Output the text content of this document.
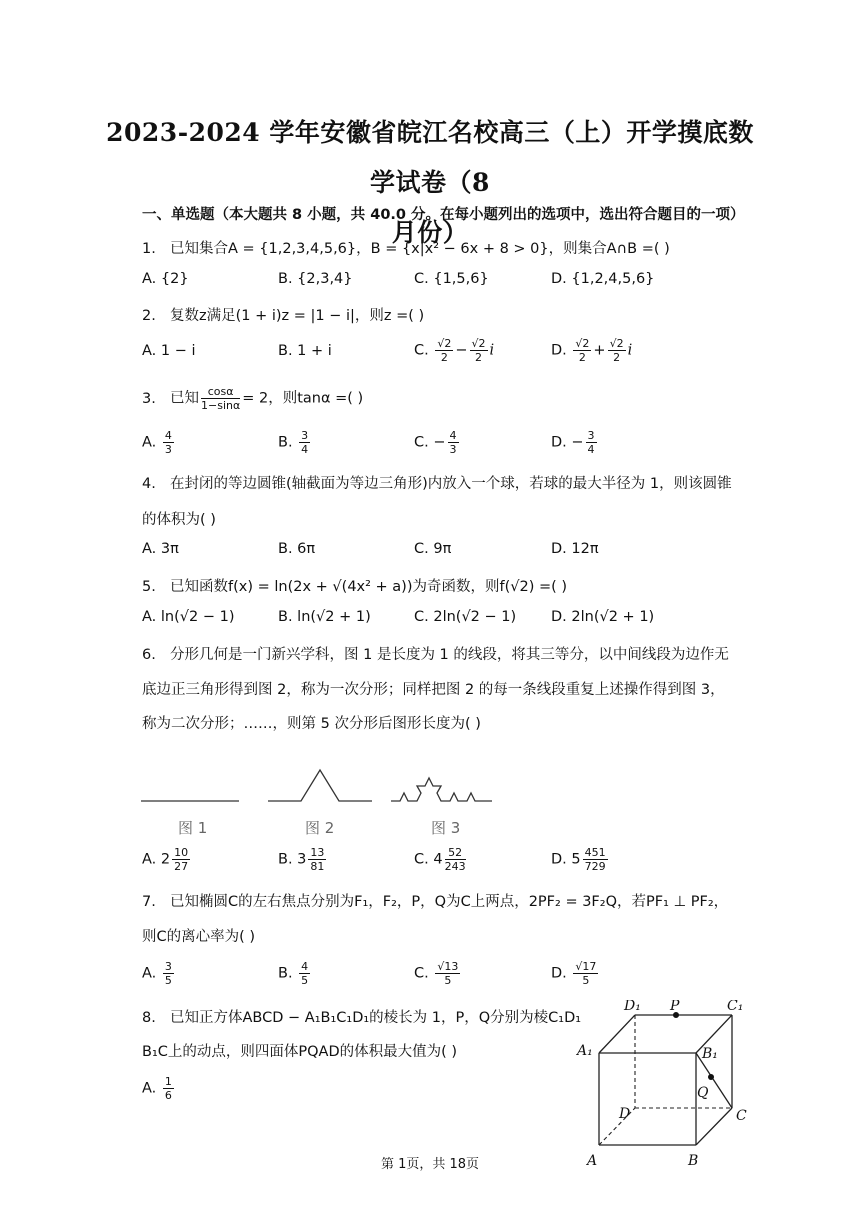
2023-2024 学年安徽省皖江名校高三（上）开学摸底数学试卷（8
月份）
一、单选题（本大题共 8 小题，共 40.0 分。在每小题列出的选项中，选出符合题目的一项）
1. 已知集合A = {1,2,3,4,5,6}，B = {x|x² − 6x + 8 > 0}，则集合A∩B =( )
A. {2}	B. {2,3,4}	C. {1,5,6}	D. {1,2,4,5,6}
2. 复数z满足(1 + i)z = |1 − i|，则z =( )
A. 1 − i	B. 1 + i	C. $\frac{√2}{2} - \frac{√2}{2}$ i	D. $\frac{√2}{2} + \frac{√2}{2}$ i
3. 已知 $\frac{\cos\alpha}{1-\sin\alpha} = 2$，则tanα =( )
A. $\frac{4}{3}$	B. $\frac{3}{4}$	C. − $\frac{4}{3}$	D. − $\frac{3}{4}$
4. 在封闭的等边圆锥(轴截面为等边三角形)内放入一个球，若球的最大半径为 1，则该圆锥
的体积为( )
A. 3π	B. 6π	C. 9π	D. 12π
5. 已知函数f(x) = ln(2x + √(4x² + a))为奇函数，则f(√2) =( )
A. ln(√2 − 1)	B. ln(√2 + 1)	C. 2ln(√2 − 1) D. 2ln(√2 + 1)
6. 分形几何是一门新兴学科，图 1 是长度为 1 的线段，将其三等分，以中间线段为边作无
底边正三角形得到图 2，称为一次分形；同样把图 2 的每一条线段重复上述操作得到图 3，
称为二次分形；……，则第 5 次分形后图形长度为( )
图 1	图 2	图 3
A. $2 \frac{10}{27}$	B. $3 \frac{13}{81}$	C. $4 \frac{52}{243}$	D. $5 \frac{451}{729}$
7. 已知椭圆C的左右焦点分别为F₁，F₂，P，Q为C上两点，2PF₂ = 3F₂Q，若PF₁ ⊥ PF₂，
则C的离心率为( )
A. $\frac{3}{5}$	B. $\frac{4}{5}$	C. $\frac{√13}{5}$	D. $\frac{√17}{5}$
8. 已知正方体ABCD − A₁B₁C₁D₁的棱长为 1，P，Q分别为棱C₁D₁
B₁C上的动点，则四面体PQAD的体积最大值为( )
A. $\frac{1}{6}$
D₁ P	C₁
A₁	B₁
Q
D	C
A	B
第 1页，共 18页
